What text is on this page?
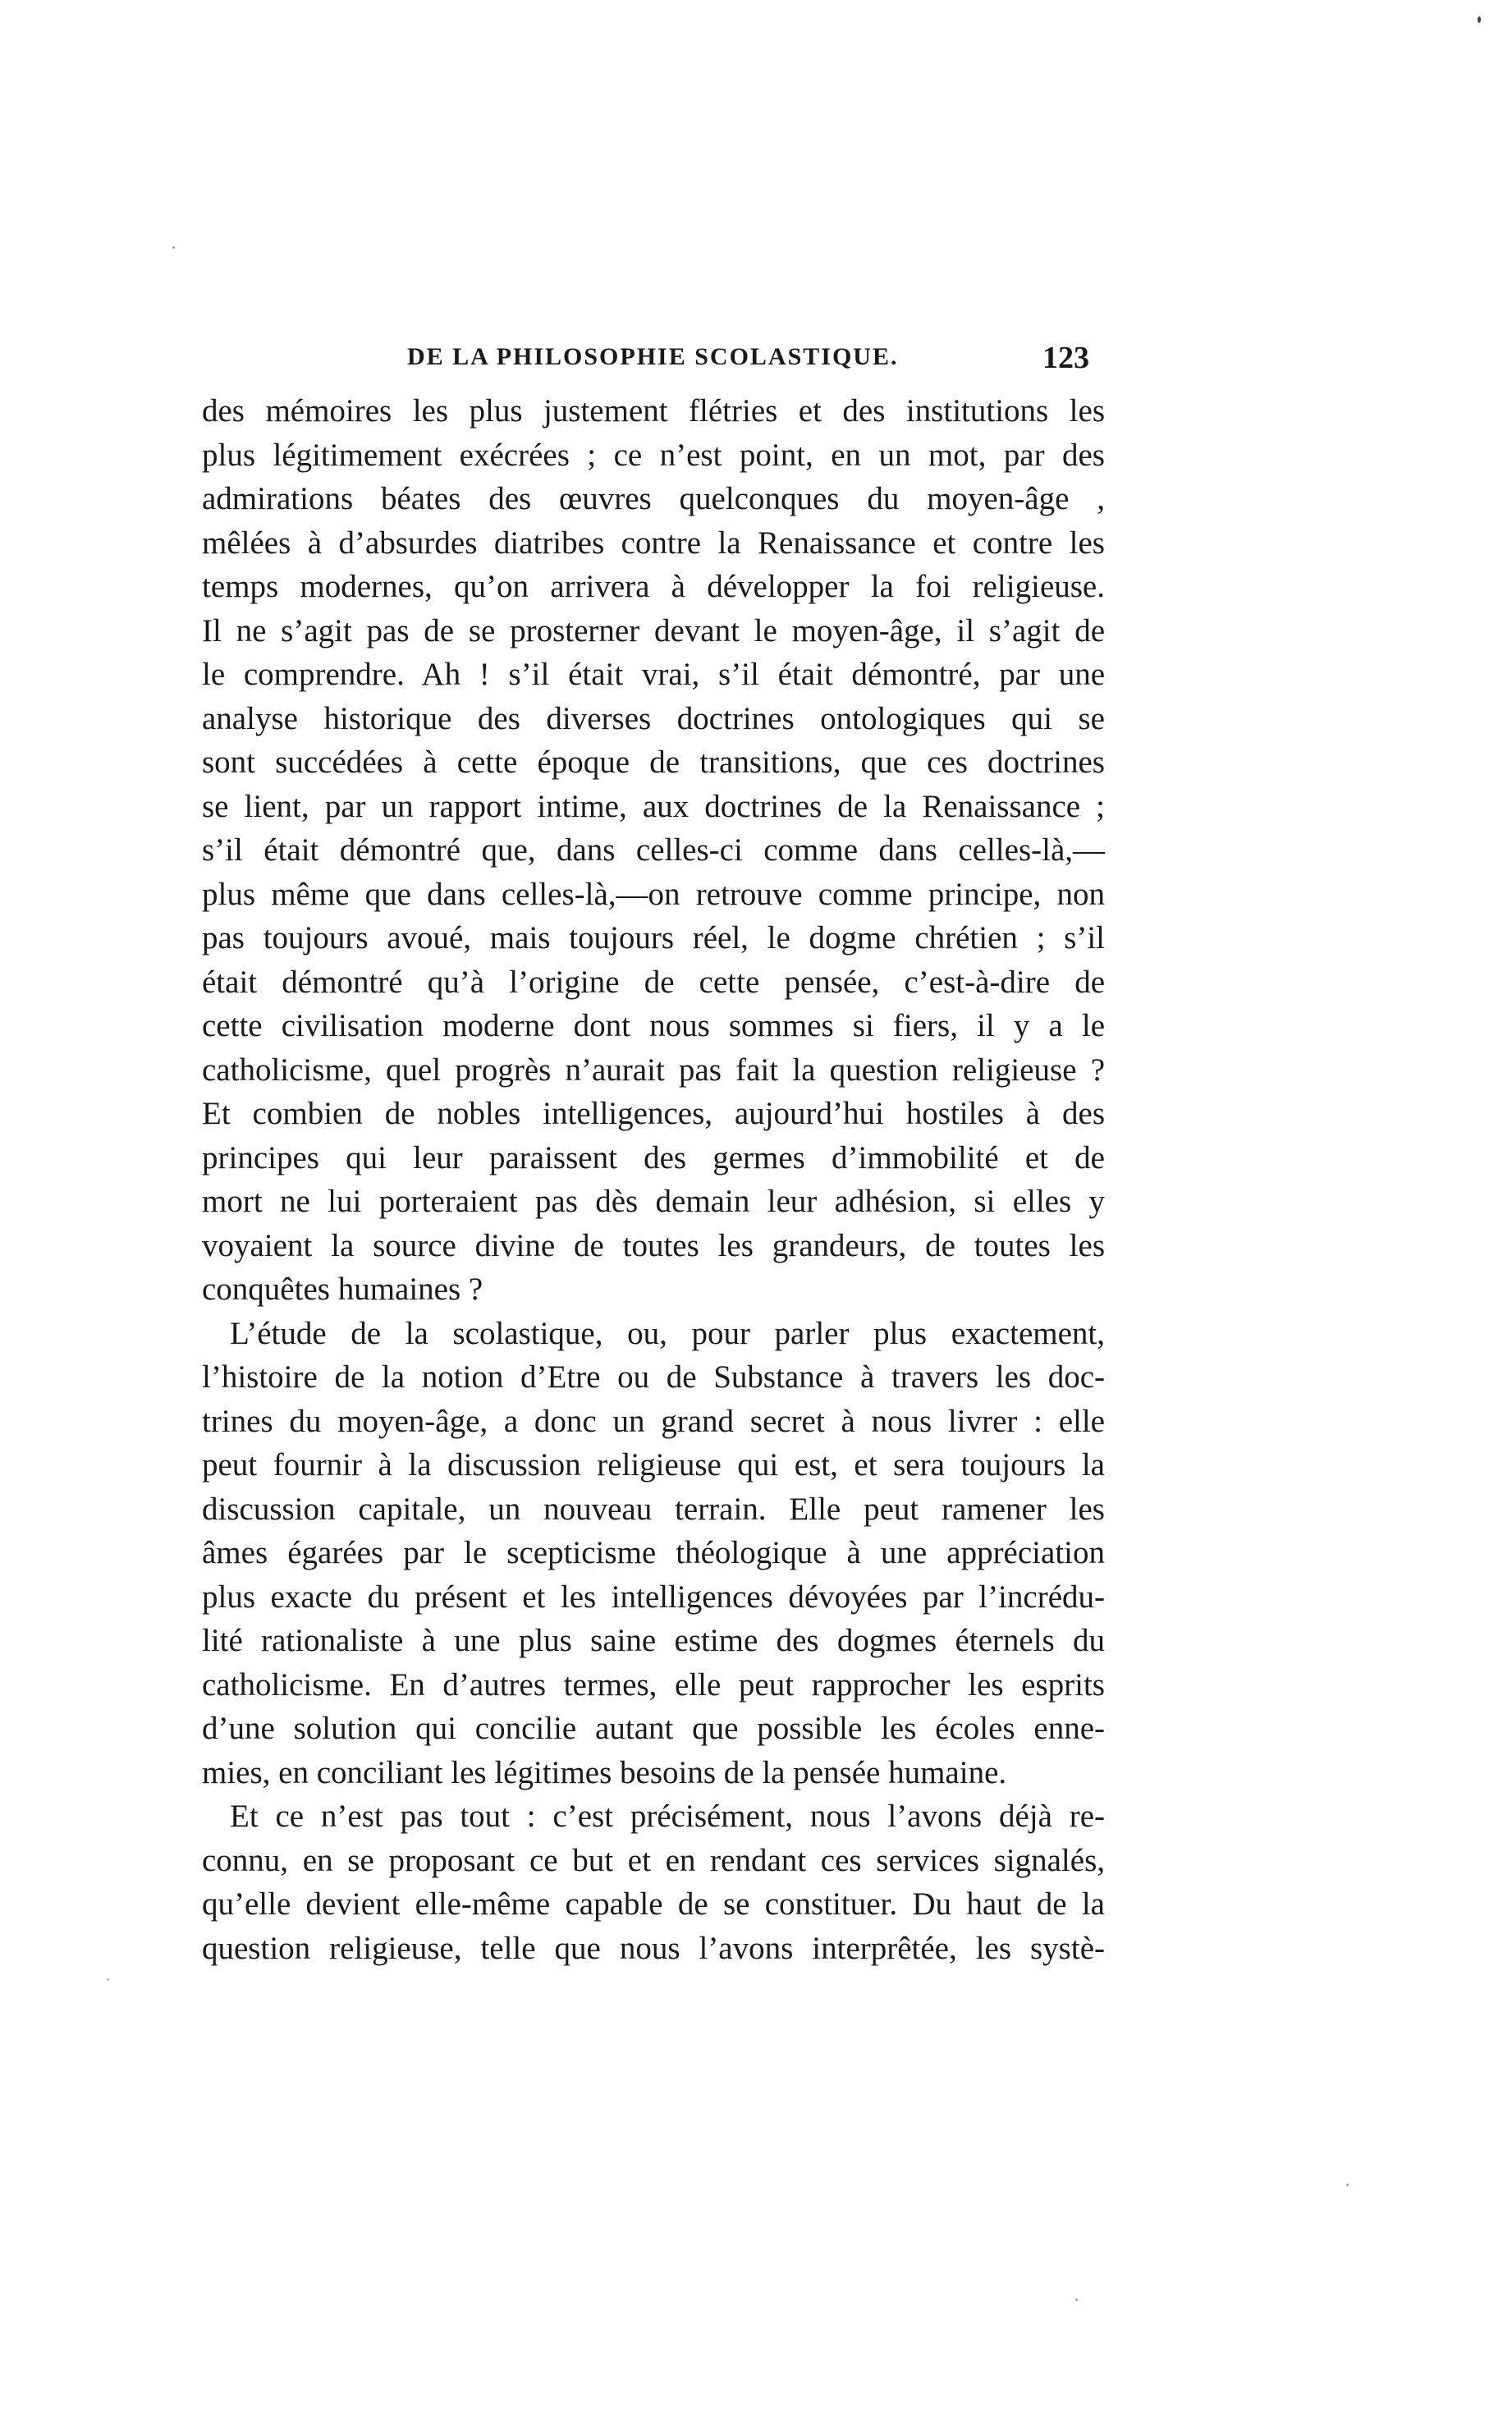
DE LA PHILOSOPHIE SCOLASTIQUE.	123
des mémoires les plus justement flétries et des institutions les
plus légitimement exécrées ; ce n’est point, en un mot, par des
admirations béates des œuvres quelconques du moyen-âge ,
mêlées à d’absurdes diatribes contre la Renaissance et contre les
temps modernes, qu’on arrivera à développer la foi religieuse.
Il ne s’agit pas de se prosterner devant le moyen-âge, il s’agit de
le comprendre. Ah ! s’il était vrai, s’il était démontré, par une
analyse historique des diverses doctrines ontologiques qui se
sont succédées à cette époque de transitions, que ces doctrines
se lient, par un rapport intime, aux doctrines de la Renaissance ;
s’il était démontré que, dans celles-ci comme dans celles-là,—
plus même que dans celles-là,—on retrouve comme principe, non
pas toujours avoué, mais toujours réel, le dogme chrétien ; s’il
était démontré qu’à l’origine de cette pensée, c’est-à-dire de
cette civilisation moderne dont nous sommes si fiers, il y a le
catholicisme, quel progrès n’aurait pas fait la question religieuse ?
Et combien de nobles intelligences, aujourd’hui hostiles à des
principes qui leur paraissent des germes d’immobilité et de
mort ne lui porteraient pas dès demain leur adhésion, si elles y
voyaient la source divine de toutes les grandeurs, de toutes les
conquêtes humaines ?
L’étude de la scolastique, ou, pour parler plus exactement,
l’histoire de la notion d’Etre ou de Substance à travers les doc-
trines du moyen-âge, a donc un grand secret à nous livrer : elle
peut fournir à la discussion religieuse qui est, et sera toujours la
discussion capitale, un nouveau terrain. Elle peut ramener les
âmes égarées par le scepticisme théologique à une appréciation
plus exacte du présent et les intelligences dévoyées par l’incrédu-
lité rationaliste à une plus saine estime des dogmes éternels du
catholicisme. En d’autres termes, elle peut rapprocher les esprits
d’une solution qui concilie autant que possible les écoles enne-
mies, en conciliant les légitimes besoins de la pensée humaine.
Et ce n’est pas tout : c’est précisément, nous l’avons déjà re-
connu, en se proposant ce but et en rendant ces services signalés,
qu’elle devient elle-même capable de se constituer. Du haut de la
question religieuse, telle que nous l’avons interprêtée, les systè-
